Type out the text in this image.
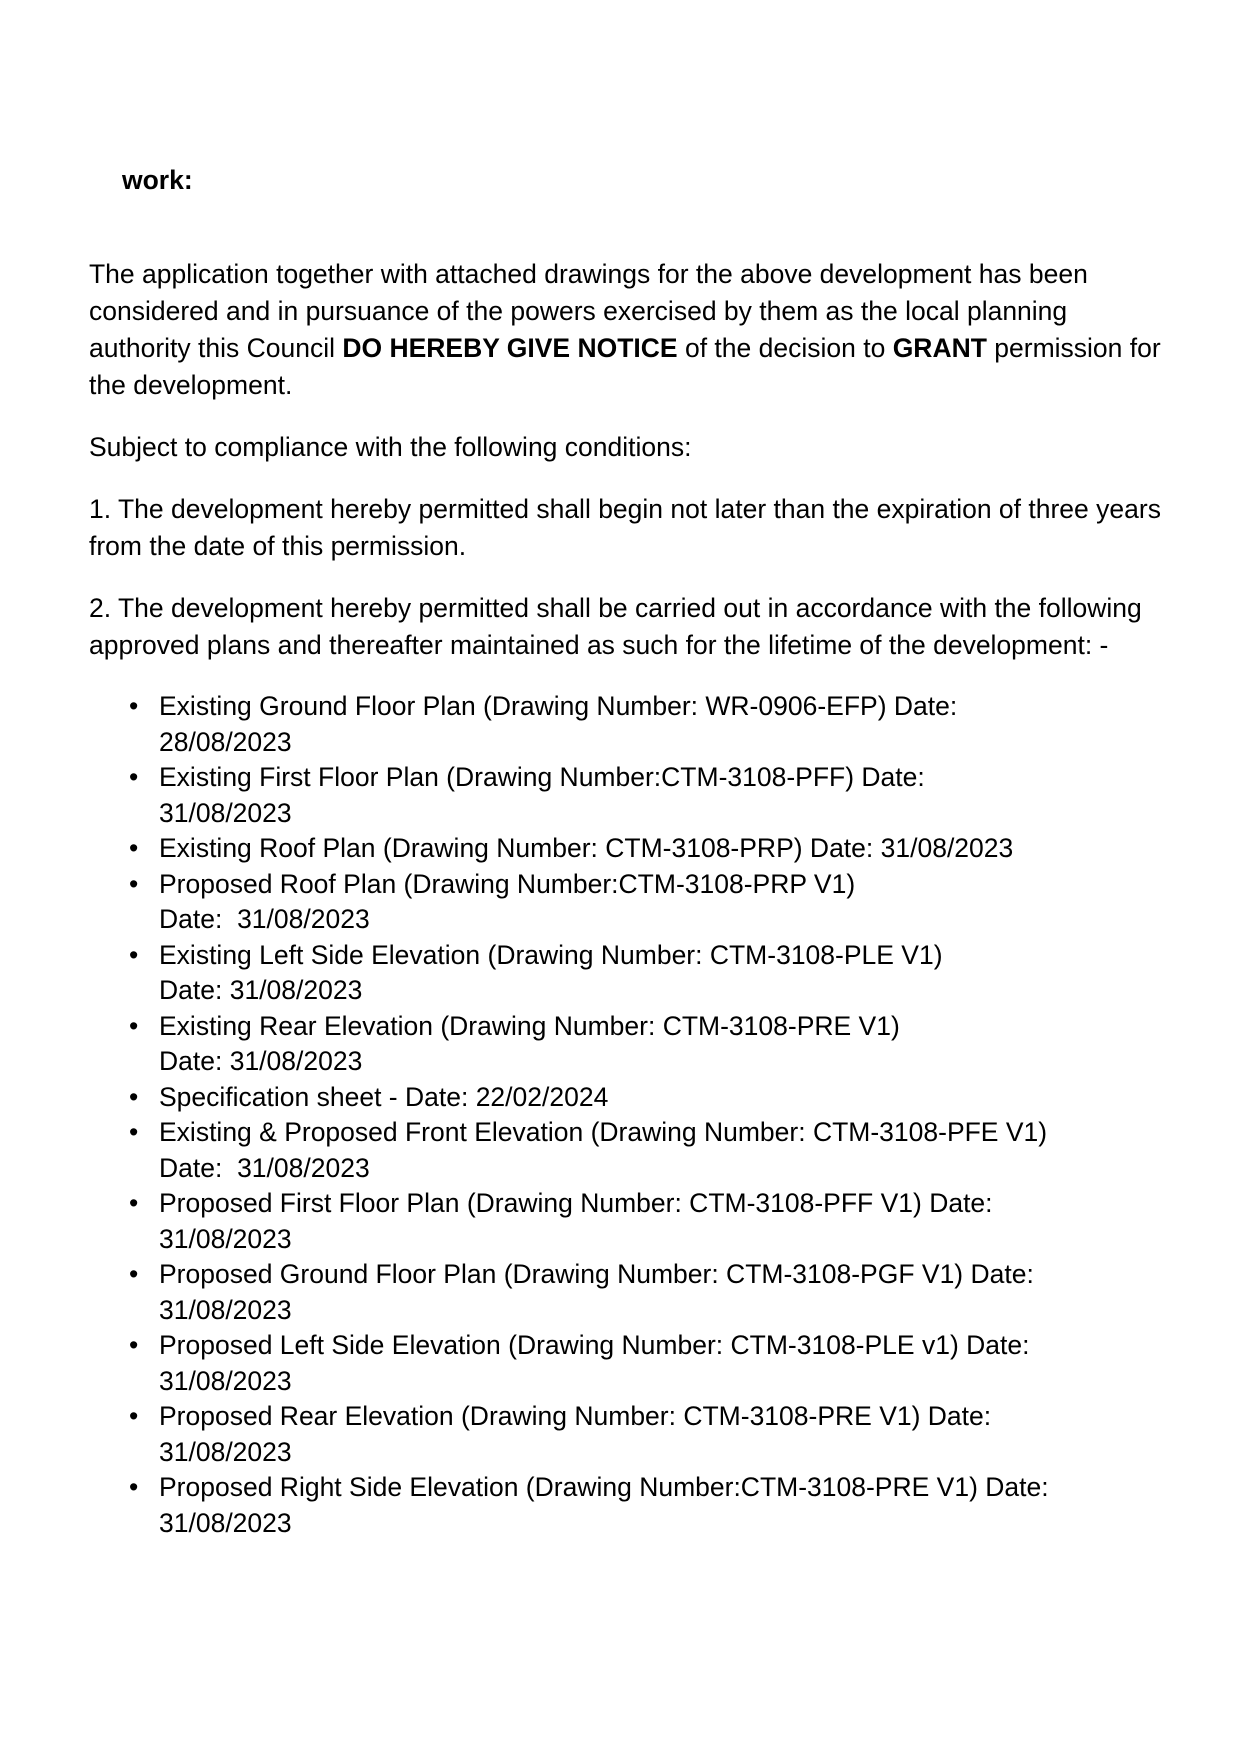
work:

The application together with attached drawings for the above development has been considered and in pursuance of the powers exercised by them as the local planning authority this Council DO HEREBY GIVE NOTICE of the decision to GRANT permission for the development.

Subject to compliance with the following conditions:

1. The development hereby permitted shall begin not later than the expiration of three years from the date of this permission.

2. The development hereby permitted shall be carried out in accordance with the following approved plans and thereafter maintained as such for the lifetime of the development: -

• Existing Ground Floor Plan (Drawing Number: WR-0906-EFP) Date:
28/08/2023
• Existing First Floor Plan (Drawing Number:CTM-3108-PFF) Date:
31/08/2023
• Existing Roof Plan (Drawing Number: CTM-3108-PRP) Date: 31/08/2023
• Proposed Roof Plan (Drawing Number:CTM-3108-PRP V1)
Date:  31/08/2023
• Existing Left Side Elevation (Drawing Number: CTM-3108-PLE V1)
Date: 31/08/2023
• Existing Rear Elevation (Drawing Number: CTM-3108-PRE V1)
Date: 31/08/2023
• Specification sheet - Date: 22/02/2024
• Existing & Proposed Front Elevation (Drawing Number: CTM-3108-PFE V1)
Date:  31/08/2023
• Proposed First Floor Plan (Drawing Number: CTM-3108-PFF V1) Date:
31/08/2023
• Proposed Ground Floor Plan (Drawing Number: CTM-3108-PGF V1) Date:
31/08/2023
• Proposed Left Side Elevation (Drawing Number: CTM-3108-PLE v1) Date:
31/08/2023
• Proposed Rear Elevation (Drawing Number: CTM-3108-PRE V1) Date:
31/08/2023
• Proposed Right Side Elevation (Drawing Number:CTM-3108-PRE V1) Date:
31/08/2023
